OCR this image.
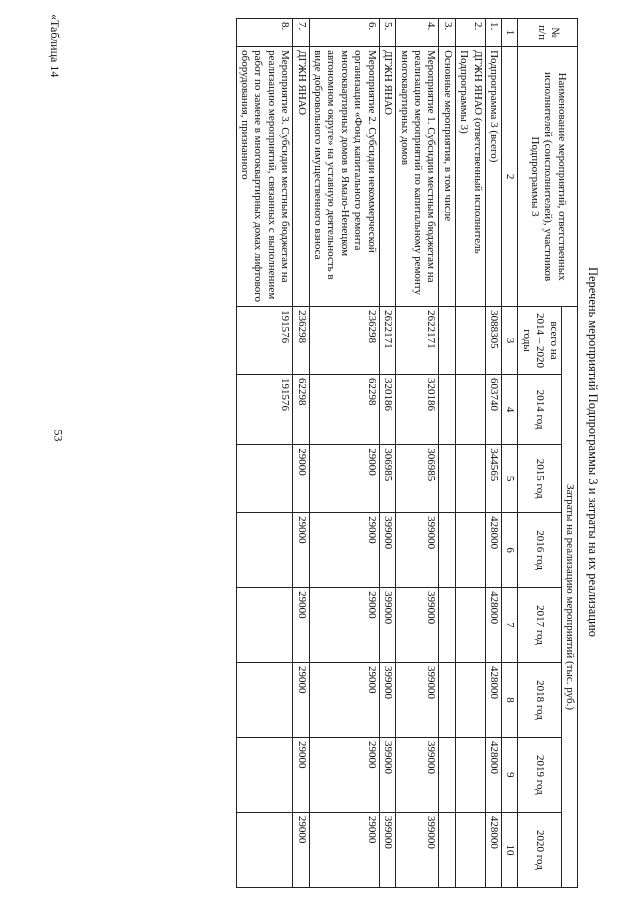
53
«Таблица 14
Перечень мероприятий Подпрограммы 3 и затраты на их реализацию
№ п/п	Наименование мероприятий, ответственных исполнителей (соисполнителей), участников Подпрограммы 3	Затраты на реализацию мероприятий (тыс. руб.)							
		всего на 2014 – 2020 годы	2014 год	2015 год	2016 год	2017 год	2018 год	2019 год	2020 год
1	2	3	4	5	6	7	8	9	10
1.	Подпрограмма 3 (всего)	3088305	603740	344565	428000	428000	428000	428000	428000

2.	ДГЖН ЯНАО (ответственный исполнитель Подпрограммы 3)								
3.	Основные мероприятия, в том числе								
4.	Мероприятие 1. Субсидии местным бюджетам на реализацию мероприятий по капитальному ремонту многоквартирных домов	2622171	320186	306985	399000	399000	399000	399000	399000

5.	ДГЖН ЯНАО	2622171	320186	306985	399000	399000	399000	399000	399000

6.	Мероприятие 2. Субсидии некоммерческой организации «Фонд капитального ремонта многоквартирных домов в Ямало-Ненецком автономном округе» на уставную деятельность в виде добровольного имущественного взноса	236298	62298	29000	29000	29000	29000	29000	29000

7.	ДГЖН ЯНАО	236298	62298	29000	29000	29000	29000	29000	29000

8.	Мероприятие 3. Субсидии местным бюджетам на реализацию мероприятий, связанных с выполнением работ по замене в многоквартирных домах лифтового оборудования, признанного	191576	191576						
